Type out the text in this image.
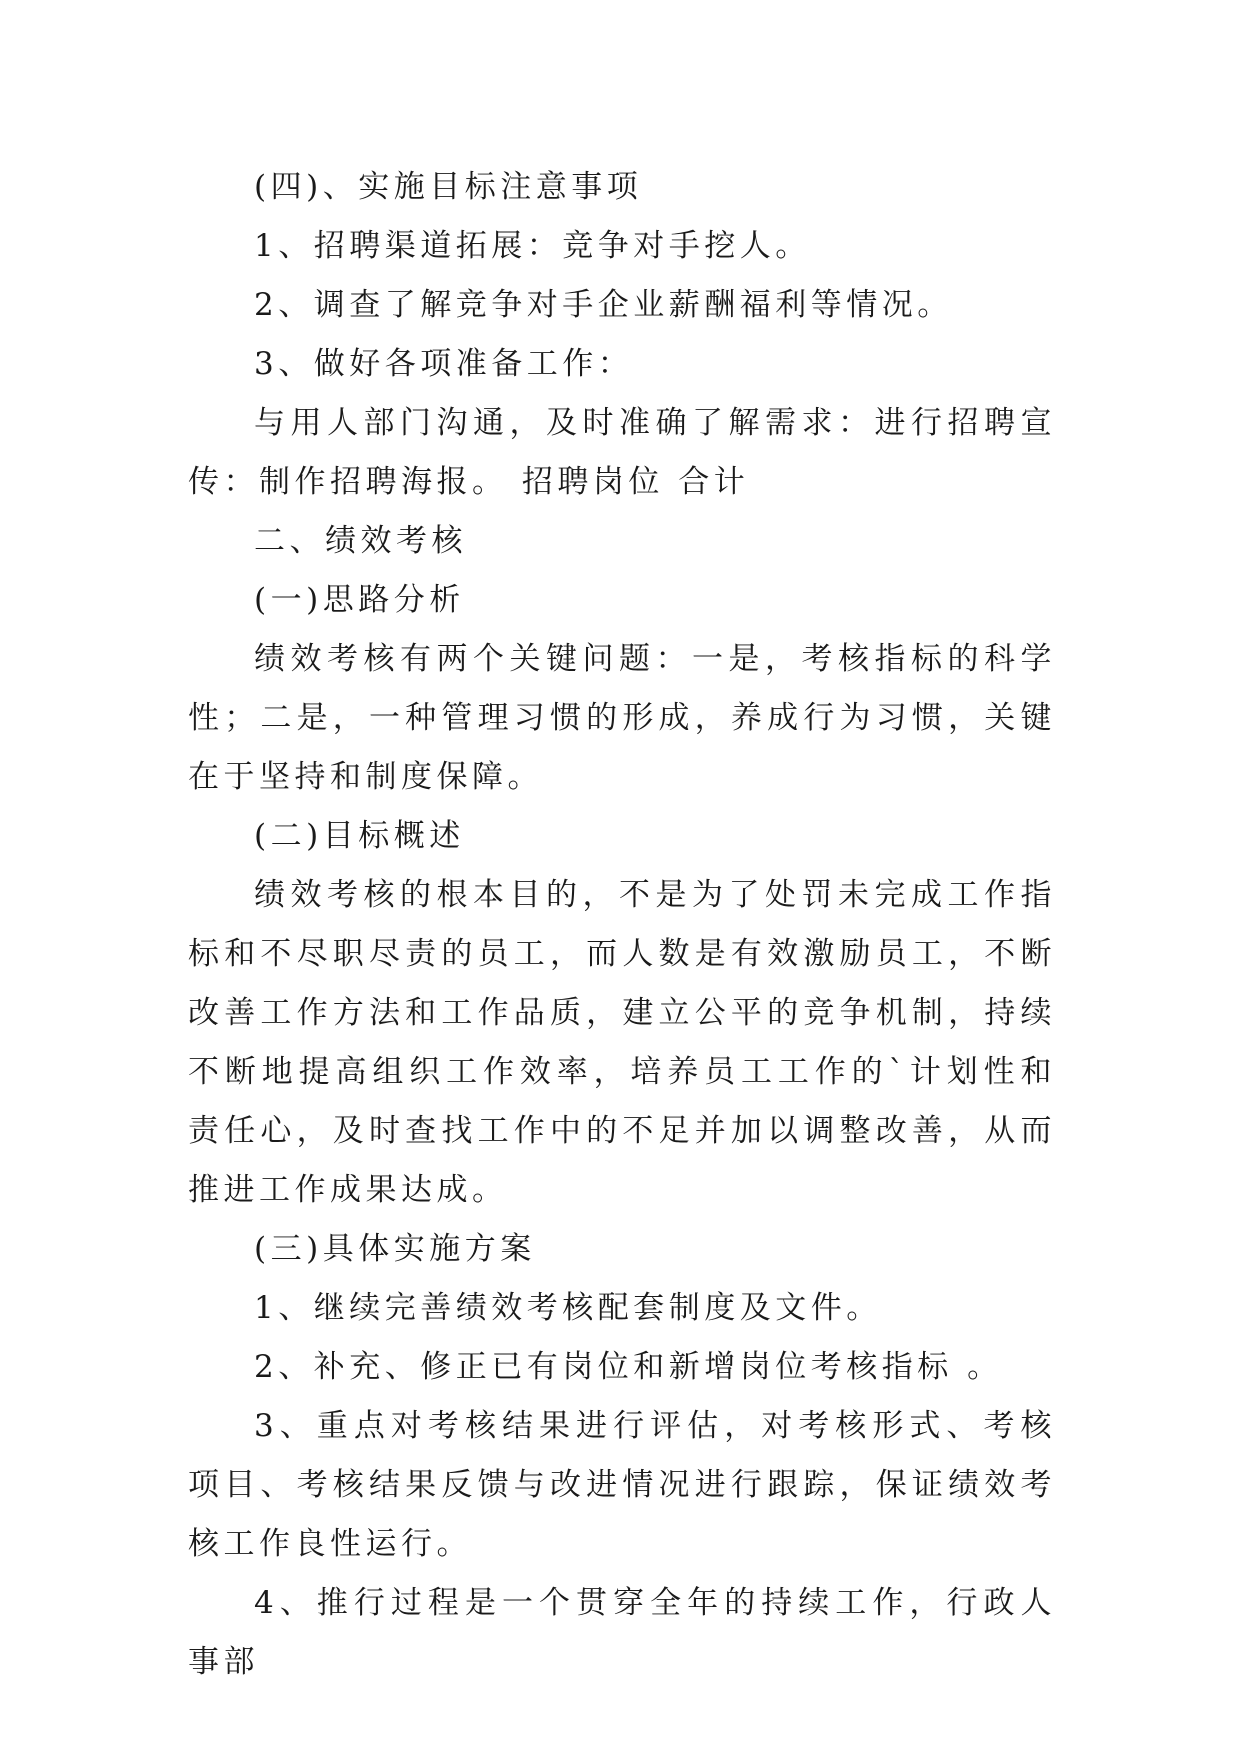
(四)、实施目标注意事项

1、招聘渠道拓展：竞争对手挖人。

2、调查了解竞争对手企业薪酬福利等情况。

3、做好各项准备工作：

与用人部门沟通，及时准确了解需求：进行招聘宣传：制作招聘海报。 招聘岗位 合计

二、绩效考核

(一)思路分析

绩效考核有两个关键问题：一是，考核指标的科学性；二是，一种管理习惯的形成，养成行为习惯，关键在于坚持和制度保障。

(二)目标概述

绩效考核的根本目的，不是为了处罚未完成工作指标和不尽职尽责的员工，而人数是有效激励员工，不断改善工作方法和工作品质，建立公平的竞争机制，持续不断地提高组织工作效率，培养员工工作的`计划性和责任心，及时查找工作中的不足并加以调整改善，从而推进工作成果达成。

(三)具体实施方案

1、继续完善绩效考核配套制度及文件。

2、补充、修正已有岗位和新增岗位考核指标 。

3、重点对考核结果进行评估，对考核形式、考核项目、考核结果反馈与改进情况进行跟踪，保证绩效考核工作良性运行。

4、推行过程是一个贯穿全年的持续工作，行政人事部
